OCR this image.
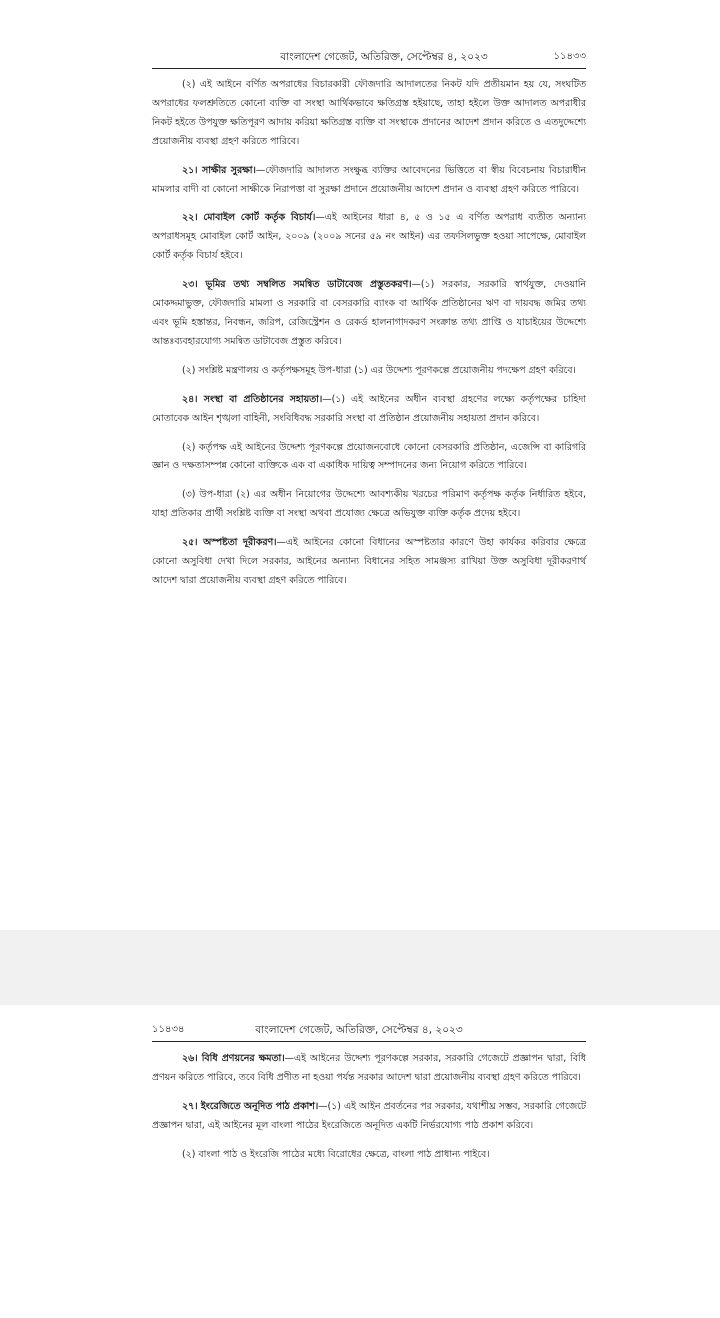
বাংলাদেশ গেজেট, অতিরিক্ত, সেপ্টেম্বর ৪, ২০২৩	১১৪৩৩

(২) এই আইনে বর্ণিত অপরাধের বিচারকারী ফৌজদারি আদালতের নিকট যদি প্রতীয়মান হয় যে, সংঘটিত অপরাধের ফলশ্রুতিতে কোনো ব্যক্তি বা সংস্থা আর্থিকভাবে ক্ষতিগ্রস্ত হইয়াছে, তাহা হইলে উক্ত আদালত অপরাধীর নিকট হইতে উপযুক্ত ক্ষতিপূরণ আদায় করিয়া ক্ষতিগ্রস্ত ব্যক্তি বা সংস্থাকে প্রদানের আদেশ প্রদান করিতে ও এতদুদ্দেশ্যে প্রয়োজনীয় ব্যবস্থা গ্রহণ করিতে পারিবে।

২১। সাক্ষীর সুরক্ষা।—ফৌজদারি আদালত সংক্ষুব্ধ ব্যক্তির আবেদনের ভিত্তিতে বা স্বীয় বিবেচনায় বিচারাধীন মামলার বাদী বা কোনো সাক্ষীকে নিরাপত্তা বা সুরক্ষা প্রদানে প্রয়োজনীয় আদেশ প্রদান ও ব্যবস্থা গ্রহণ করিতে পারিবে।

২২। মোবাইল কোর্ট কর্তৃক বিচার্য।—এই আইনের ধারা ৪, ৫ ও ১৫ এ বর্ণিত অপরাধ ব্যতীত অন্যান্য অপরাধসমূহ মোবাইল কোর্ট আইন, ২০০৯ (২০০৯ সনের ৫৯ নং আইন) এর তফসিলভুক্ত হওয়া সাপেক্ষে, মোবাইল কোর্ট কর্তৃক বিচার্য হইবে।

২৩। ভূমির তথ্য সম্বলিত সমন্বিত ডাটাবেজ প্রস্তুতকরণ।—(১) সরকার, সরকারি স্বার্থযুক্ত, দেওয়ানি মোকদ্দমাভুক্ত, ফৌজদারি মামলা ও সরকারি বা বেসরকারি ব্যাংক বা আর্থিক প্রতিষ্ঠানের ঋণ বা দায়বদ্ধ জমির তথ্য এবং ভূমি হস্তান্তর, নিবন্ধন, জরিপ, রেজিস্ট্রেশন ও রেকর্ড হালনাগাদকরণ সংক্রান্ত তথ্য প্রাপ্তি ও যাচাইয়ের উদ্দেশ্যে আন্তঃব্যবহারযোগ্য সমন্বিত ডাটাবেজ প্রস্তুত করিবে।

(২) সংশ্লিষ্ট মন্ত্রণালয় ও কর্তৃপক্ষসমূহ উপ-ধারা (১) এর উদ্দেশ্য পূরণকল্পে প্রয়োজনীয় পদক্ষেপ গ্রহণ করিবে।

২৪। সংস্থা বা প্রতিষ্ঠানের সহায়তা।—(১) এই আইনের অধীন ব্যবস্থা গ্রহণের লক্ষ্যে কর্তৃপক্ষের চাহিদা মোতাবেক আইন শৃঙ্খলা বাহিনী, সংবিধিবদ্ধ সরকারি সংস্থা বা প্রতিষ্ঠান প্রয়োজনীয় সহায়তা প্রদান করিবে।

(২) কর্তৃপক্ষ এই আইনের উদ্দেশ্য পূরণকল্পে প্রয়োজনবোধে কোনো বেসরকারি প্রতিষ্ঠান, এজেন্সি বা কারিগরি জ্ঞান ও দক্ষতাসম্পন্ন কোনো ব্যক্তিকে এক বা একাধিক দায়িত্ব সম্পাদনের জন্য নিয়োগ করিতে পারিবে।

(৩) উপ-ধারা (২) এর অধীন নিয়োগের উদ্দেশ্যে আবশ্যকীয় খরচের পরিমাণ কর্তৃপক্ষ কর্তৃক নির্ধারিত হইবে, যাহা প্রতিকার প্রার্থী সংশ্লিষ্ট ব্যক্তি বা সংস্থা অথবা প্রযোজ্য ক্ষেত্রে অভিযুক্ত ব্যক্তি কর্তৃক প্রদেয় হইবে।

২৫। অস্পষ্টতা দূরীকরণ।—এই আইনের কোনো বিধানের অস্পষ্টতার কারণে উহা কার্যকর করিবার ক্ষেত্রে কোনো অসুবিধা দেখা দিলে সরকার, আইনের অন্যান্য বিধানের সহিত সামঞ্জস্য রাখিয়া উক্ত অসুবিধা দূরীকরণার্থ আদেশ দ্বারা প্রয়োজনীয় ব্যবস্থা গ্রহণ করিতে পারিবে।

১১৪৩৪	বাংলাদেশ গেজেট, অতিরিক্ত, সেপ্টেম্বর ৪, ২০২৩

২৬। বিধি প্রণয়নের ক্ষমতা।—এই আইনের উদ্দেশ্য পূরণকল্পে সরকার, সরকারি গেজেটে প্রজ্ঞাপন দ্বারা, বিধি প্রণয়ন করিতে পারিবে, তবে বিধি প্রণীত না হওয়া পর্যন্ত সরকার আদেশ দ্বারা প্রয়োজনীয় ব্যবস্থা গ্রহণ করিতে পারিবে।

২৭। ইংরেজিতে অনূদিত পাঠ প্রকাশ।—(১) এই আইন প্রবর্তনের পর সরকার, যথাশীঘ্র সম্ভব, সরকারি গেজেটে প্রজ্ঞাপন দ্বারা, এই আইনের মূল বাংলা পাঠের ইংরেজিতে অনূদিত একটি নির্ভরযোগ্য পাঠ প্রকাশ করিবে।

(২) বাংলা পাঠ ও ইংরেজি পাঠের মধ্যে বিরোধের ক্ষেত্রে, বাংলা পাঠ প্রাধান্য পাইবে।
